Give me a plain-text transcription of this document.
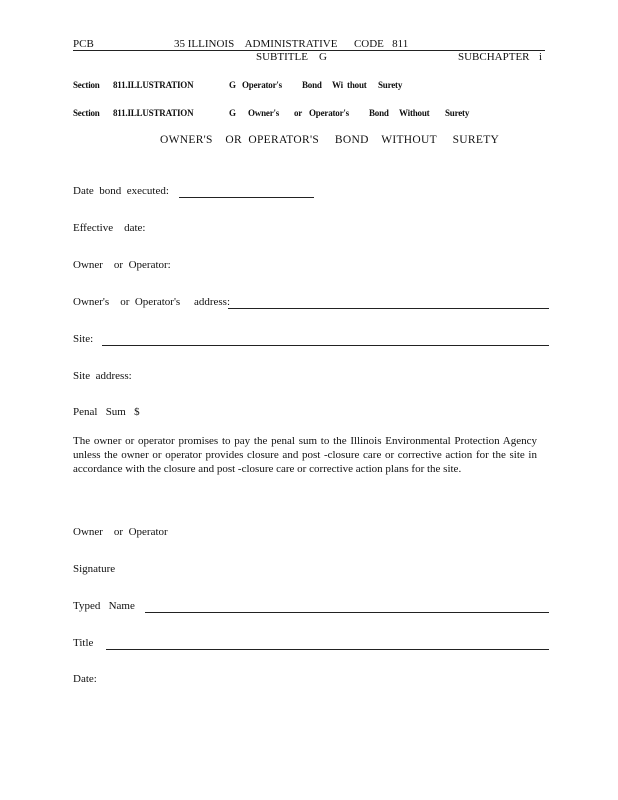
PCB	35 ILLINOIS    ADMINISTRATIVE      CODE   811
SUBTITLE    G	SUBCHAPTER i
Section 811.ILLUSTRATION	G Operator's Bond Wi  thout Surety
Section 811.ILLUSTRATION	G Owner's or Operator's Bond Without Surety
OWNER'S    OR  OPERATOR'S     BOND    WITHOUT     SURETY
Date  bond  executed:
Effective    date:
Owner    or  Operator:
Owner's    or  Operator's     address:
Site:
Site  address:
Penal   Sum   $
The owner or operator promises to pay the penal sum to the Illinois Environmental Protection Agency unless the owner or operator provides closure and post -closure care or corrective action for the site in accordance with the closure and post -closure care or corrective action plans for the site.
Owner    or  Operator
Signature
Typed   Name
Title
Date:
